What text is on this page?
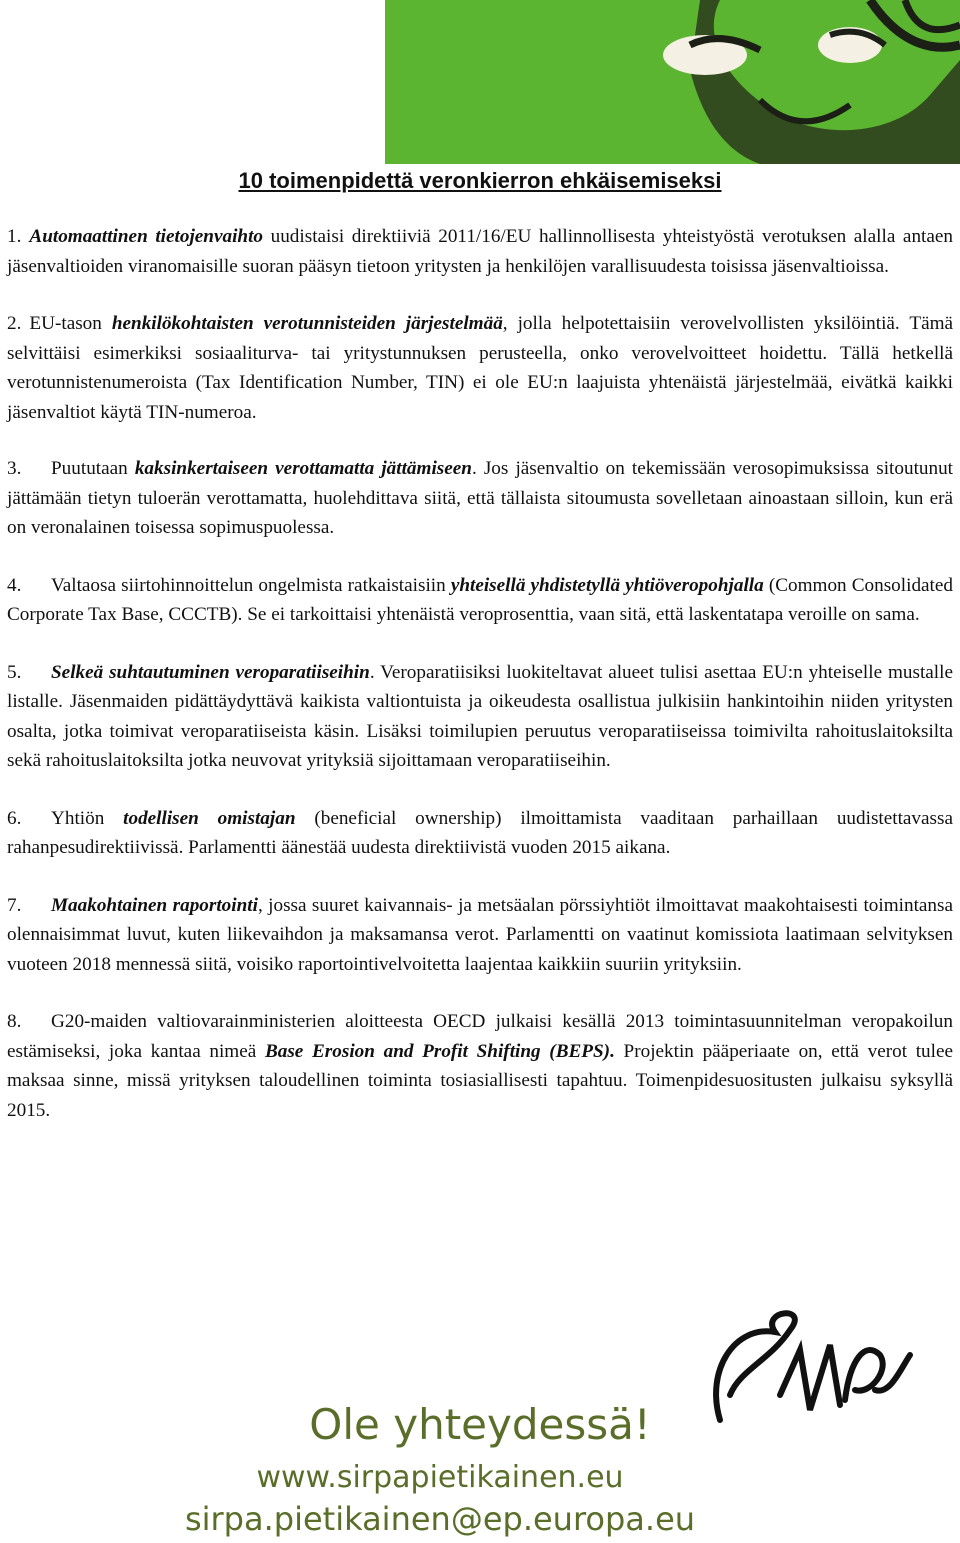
10 toimenpidettä veronkierron ehkäisemiseksi

1. Automaattinen tietojenvaihto uudistaisi direktiiviä 2011/16/EU hallinnollisesta yhteistyöstä verotuksen alalla antaen jäsenvaltioiden viranomaisille suoran pääsyn tietoon yritysten ja henkilöjen varallisuudesta toisissa jäsenvaltioissa.

2. EU-tason henkilökohtaisten verotunnisteiden järjestelmää, jolla helpotettaisiin verovelvollisten yksilöintiä. Tämä selvittäisi esimerkiksi sosiaaliturva- tai yritystunnuksen perusteella, onko verovelvoitteet hoidettu. Tällä hetkellä verotunnistenumeroista (Tax Identification Number, TIN) ei ole EU:n laajuista yhtenäistä järjestelmää, eivätkä kaikki jäsenvaltiot käytä TIN-numeroa.

3. Puututaan kaksinkertaiseen verottamatta jättämiseen. Jos jäsenvaltio on tekemissään verosopimuksissa sitoutunut jättämään tietyn tuloerän verottamatta, huolehdittava siitä, että tällaista sitoumusta sovelletaan ainoastaan silloin, kun erä on veronalainen toisessa sopimuspuolessa.

4. Valtaosa siirtohinnoittelun ongelmista ratkaistaisiin yhteisellä yhdistetyllä yhtiöveropohjalla (Common Consolidated Corporate Tax Base, CCCTB). Se ei tarkoittaisi yhtenäistä veroprosenttia, vaan sitä, että laskentatapa veroille on sama.

5. Selkeä suhtautuminen veroparatiiseihin. Veroparatiisiksi luokiteltavat alueet tulisi asettaa EU:n yhteiselle mustalle listalle. Jäsenmaiden pidättäydyttävä kaikista valtiontuista ja oikeudesta osallistua julkisiin hankintoihin niiden yritysten osalta, jotka toimivat veroparatiiseista käsin. Lisäksi toimilupien peruutus veroparatiiseissa toimivilta rahoituslaitoksilta sekä rahoituslaitoksilta jotka neuvovat yrityksiä sijoittamaan veroparatiiseihin.

6. Yhtiön todellisen omistajan (beneficial ownership) ilmoittamista vaaditaan parhaillaan uudistettavassa rahanpesudirektiivissä. Parlamentti äänestää uudesta direktiivistä vuoden 2015 aikana.

7. Maakohtainen raportointi, jossa suuret kaivannais- ja metsäalan pörssiyhtiöt ilmoittavat maakohtaisesti toimintansa olennaisimmat luvut, kuten liikevaihdon ja maksamansa verot. Parlamentti on vaatinut komissiota laatimaan selvityksen vuoteen 2018 mennessä siitä, voisiko raportointivelvoitetta laajentaa kaikkiin suuriin yrityksiin.

8. G20-maiden valtiovarainministerien aloitteesta OECD julkaisi kesällä 2013 toimintasuunnitelman veropakoilun estämiseksi, joka kantaa nimeä Base Erosion and Profit Shifting (BEPS). Projektin pääperiaate on, että verot tulee maksaa sinne, missä yrityksen taloudellinen toiminta tosiasiallisesti tapahtuu. Toimenpidesuositusten julkaisu syksyllä 2015.

Ole yhteydessä!
www.sirpapietikainen.eu
sirpa.pietikainen@ep.europa.eu
